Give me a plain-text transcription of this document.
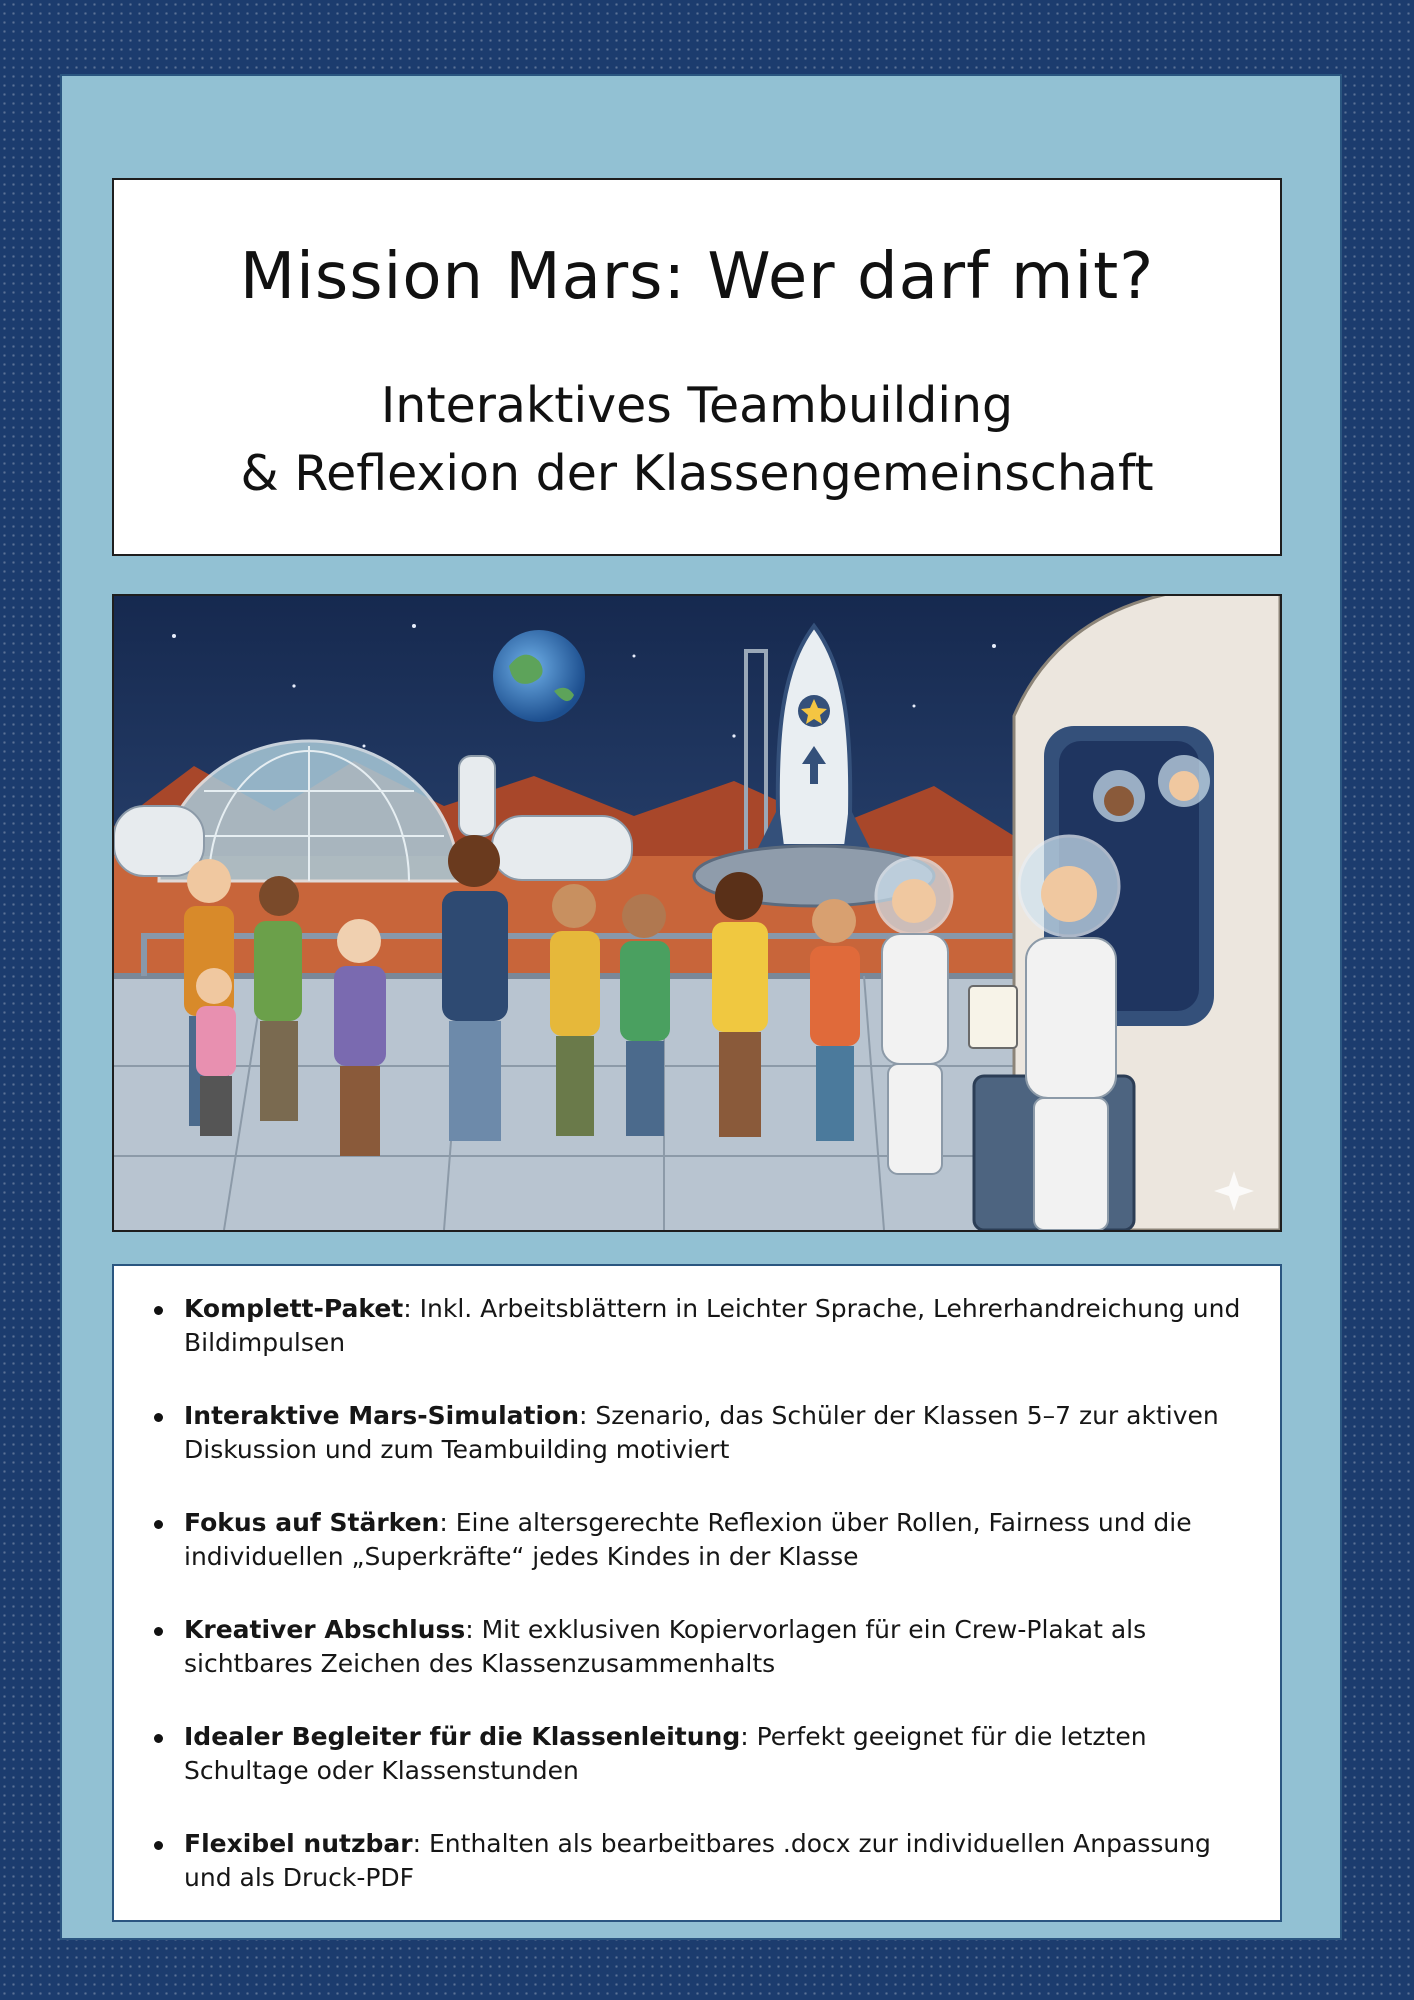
Mission Mars: Wer darf mit?
Interaktives Teambuilding
& Reflexion der Klassengemeinschaft
Komplett-Paket: Inkl. Arbeitsblättern in Leichter Sprache, Lehrerhandreichung und Bildimpulsen
Interaktive Mars-Simulation: Szenario, das Schüler der Klassen 5–7 zur aktiven Diskussion und zum Teambuilding motiviert
Fokus auf Stärken: Eine altersgerechte Reflexion über Rollen, Fairness und die individuellen „Superkräfte“ jedes Kindes in der Klasse
Kreativer Abschluss: Mit exklusiven Kopiervorlagen für ein Crew-Plakat als sichtbares Zeichen des Klassenzusammenhalts
Idealer Begleiter für die Klassenleitung: Perfekt geeignet für die letzten Schultage oder Klassenstunden
Flexibel nutzbar: Enthalten als bearbeitbares .docx zur individuellen Anpassung und als Druck-PDF
